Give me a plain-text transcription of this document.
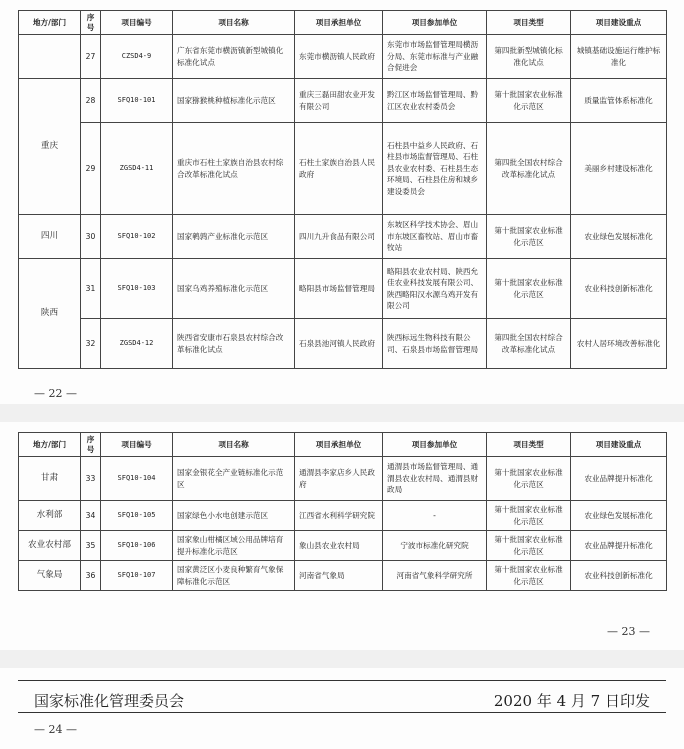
地方/部门	序号	项目编号	项目名称	项目承担单位	项目参加单位	项目类型	项目建设重点
	27	CZSD4-9	广东省东莞市横沥镇新型城镇化标准化试点	东莞市横沥镇人民政府	东莞市市场监督管理局横沥分局、东莞市标准与产业融合促进会	第四批新型城镇化标准化试点	城镇基础设施运行维护标准化
重庆	28	SFQ10-101	国家猕猴桃种植标准化示范区	重庆三磊田甜农业开发有限公司	黔江区市场监督管理局、黔江区农业农村委员会	第十批国家农业标准化示范区	质量监管体系标准化
	29	ZGSD4-11	重庆市石柱土家族自治县农村综合改革标准化试点	石柱土家族自治县人民政府	石柱县中益乡人民政府、石柱县市场监督管理局、石柱县农业农村委、石柱县生态环境局、石柱县住房和城乡建设委员会	第四批全国农村综合改革标准化试点	美丽乡村建设标准化
四川	30	SFQ10-102	国家鹌鹑产业标准化示范区	四川九升食品有限公司	东坡区科学技术协会、眉山市东坡区畜牧站、眉山市畜牧站	第十批国家农业标准化示范区	农业绿色发展标准化
陕西	31	SFQ10-103	国家乌鸡养殖标准化示范区	略阳县市场监督管理局	略阳县农业农村局、陕西允佳农业科技发展有限公司、陕西略阳汉水源乌鸡开发有限公司	第十批国家农业标准化示范区	农业科技创新标准化
	32	ZGSD4-12	陕西省安康市石泉县农村综合改革标准化试点	石泉县池河镇人民政府	陕西标远生物科技有限公司、石泉县市场监督管理局	第四批全国农村综合改革标准化试点	农村人居环境改善标准化
— 22 —
地方/部门	序号	项目编号	项目名称	项目承担单位	项目参加单位	项目类型	项目建设重点
甘肃	33	SFQ10-104	国家金银花全产业链标准化示范区	通渭县李家店乡人民政府	通渭县市场监督管理局、通渭县农业农村局、通渭县财政局	第十批国家农业标准化示范区	农业品牌提升标准化
水利部	34	SFQ10-105	国家绿色小水电创建示范区	江西省水利科学研究院	-	第十批国家农业标准化示范区	农业绿色发展标准化
农业农村部	35	SFQ10-106	国家象山柑橘区域公用品牌培育提升标准化示范区	象山县农业农村局	宁波市标准化研究院	第十批国家农业标准化示范区	农业品牌提升标准化
气象局	36	SFQ10-107	国家黄泛区小麦良种繁育气象保障标准化示范区	河南省气象局	河南省气象科学研究所	第十批国家农业标准化示范区	农业科技创新标准化
— 23 —
国家标准化管理委员会	2020 年 4 月 7 日印发
— 24 —
